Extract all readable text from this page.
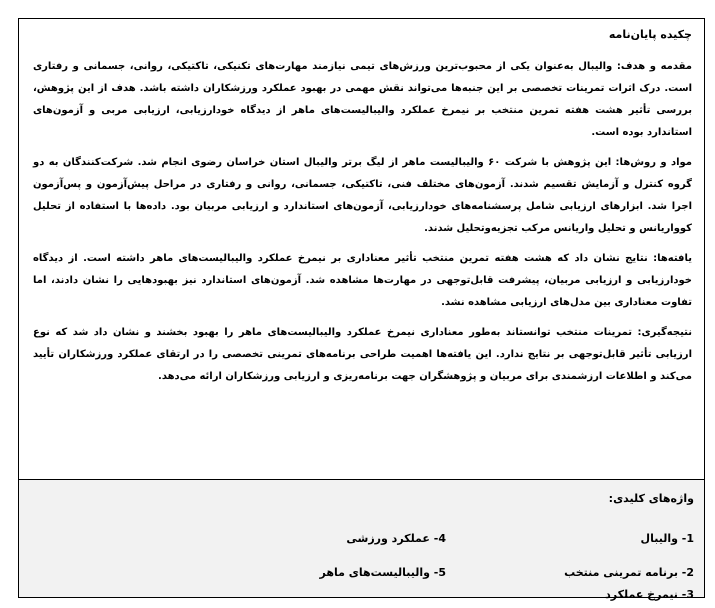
چکیده پایان‌نامه

مقدمه و هدف: والیبال به‌عنوان یکی از محبوب‌ترین ورزش‌های تیمی نیازمند مهارت‌های تکنیکی، تاکتیکی، روانی، جسمانی و رفتاری است. درک اثرات تمرینات تخصصی بر این جنبه‌ها می‌تواند نقش مهمی در بهبود عملکرد ورزشکاران داشته باشد. هدف از این پژوهش، بررسی تأثیر هشت هفته تمرین منتخب بر نیمرخ عملکرد والیبالیست‌های ماهر از دیدگاه خودارزیابی، ارزیابی مربی و آزمون‌های استاندارد بوده است.

مواد و روش‌ها: این پژوهش با شرکت ۶۰ والیبالیست ماهر از لیگ برتر والیبال استان خراسان رضوی انجام شد. شرکت‌کنندگان به دو گروه کنترل و آزمایش تقسیم شدند. آزمون‌های مختلف فنی، تاکتیکی، جسمانی، روانی و رفتاری در مراحل پیش‌آزمون و پس‌آزمون اجرا شد. ابزارهای ارزیابی شامل پرسشنامه‌های خودارزیابی، آزمون‌های استاندارد و ارزیابی مربیان بود. داده‌ها با استفاده از تحلیل کوواریانس و تحلیل واریانس مرکب تجزیه‌وتحلیل شدند.

یافته‌ها: نتایج نشان داد که هشت هفته تمرین منتخب تأثیر معناداری بر نیمرخ عملکرد والیبالیست‌های ماهر داشته است. از دیدگاه خودارزیابی و ارزیابی مربیان، پیشرفت قابل‌توجهی در مهارت‌ها مشاهده شد. آزمون‌های استاندارد نیز بهبودهایی را نشان دادند، اما تفاوت معناداری بین مدل‌های ارزیابی مشاهده نشد.

نتیجه‌گیری: تمرینات منتخب توانستاند به‌طور معناداری نیمرخ عملکرد والیبالیست‌های ماهر را بهبود بخشند و نشان داد شد که نوع ارزیابی تأثیر قابل‌توجهی بر نتایج ندارد. این یافته‌ها اهمیت طراحی برنامه‌های تمرینی تخصصی را در ارتقای عملکرد ورزشکاران تأیید می‌کند و اطلاعات ارزشمندی برای مربیان و پژوهشگران جهت برنامه‌ریزی و ارزیابی ورزشکاران ارائه می‌دهد.

واژه‌های کلیدی:
1- والیبال
2- برنامه تمرینی منتخب
3- نیمرخ عملکرد
4- عملکرد ورزشی
5- والیبالیست‌های ماهر
